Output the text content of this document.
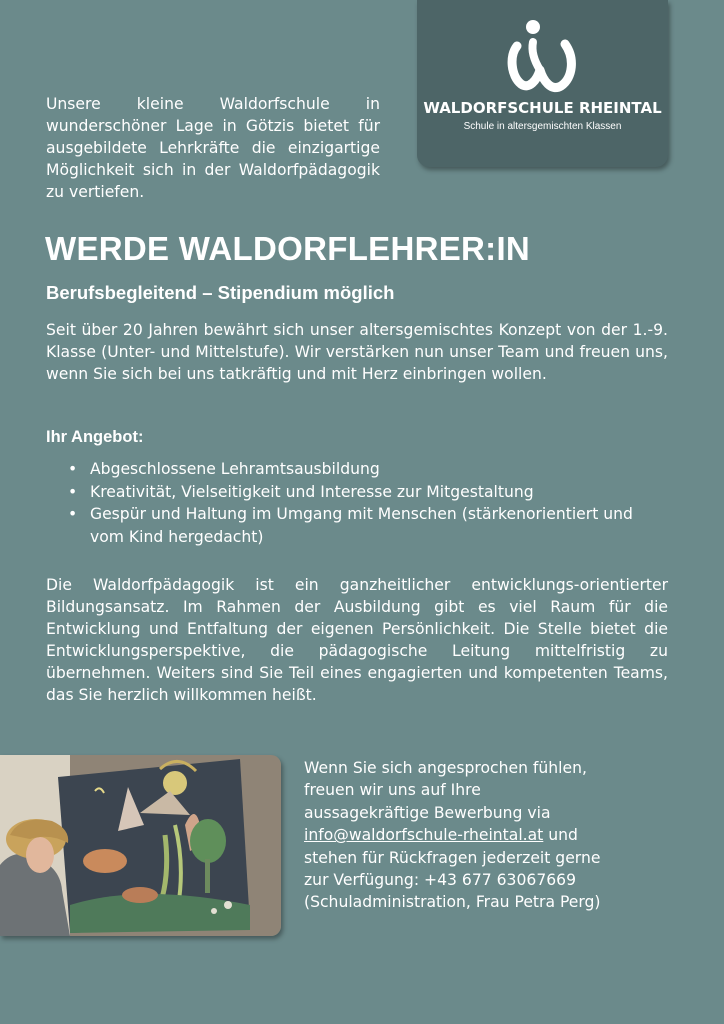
Unsere kleine Waldorfschule in wunderschöner Lage in Götzis bietet für ausgebildete Lehrkräfte die einzigartige Möglichkeit sich in der Waldorfpädagogik zu vertiefen.
WALDORFSCHULE RHEINTAL
Schule in altersgemischten Klassen
WERDE WALDORFLEHRER:IN
Berufsbegleitend – Stipendium möglich
Seit über 20 Jahren bewährt sich unser altersgemischtes Konzept von der 1.-9. Klasse (Unter- und Mittelstufe). Wir verstärken nun unser Team und freuen uns, wenn Sie sich bei uns tatkräftig und mit Herz einbringen wollen.
Ihr Angebot:
• Abgeschlossene Lehramtsausbildung
• Kreativität, Vielseitigkeit und Interesse zur Mitgestaltung
• Gespür und Haltung im Umgang mit Menschen (stärkenorientiert und vom Kind hergedacht)
Die Waldorfpädagogik ist ein ganzheitlicher entwicklungs-orientierter Bildungsansatz. Im Rahmen der Ausbildung gibt es viel Raum für die Entwicklung und Entfaltung der eigenen Persönlichkeit. Die Stelle bietet die Entwicklungsperspektive, die pädagogische Leitung mittelfristig zu übernehmen. Weiters sind Sie Teil eines engagierten und kompetenten Teams, das Sie herzlich willkommen heißt.
Wenn Sie sich angesprochen fühlen,
freuen wir uns auf Ihre
aussagekräftige Bewerbung via
info@waldorfschule-rheintal.at und
stehen für Rückfragen jederzeit gerne
zur Verfügung: +43 677 63067669
(Schuladministration, Frau Petra Perg)
